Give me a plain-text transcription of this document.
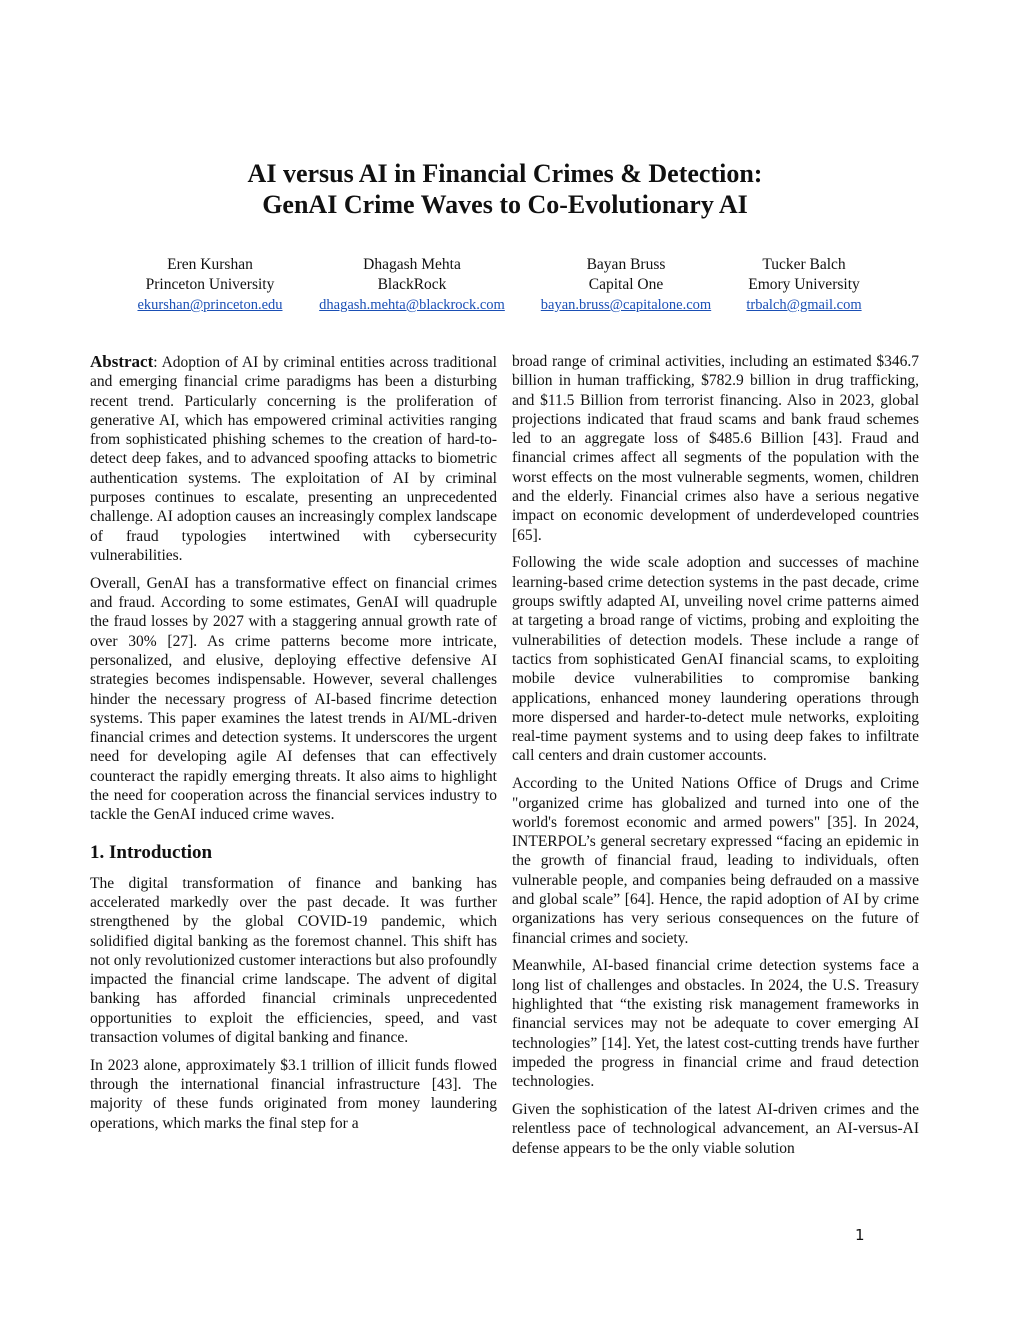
AI versus AI in Financial Crimes & Detection:
GenAI Crime Waves to Co-Evolutionary AI
Eren Kurshan
Princeton University
ekurshan@princeton.edu
Dhagash Mehta
BlackRock
dhagash.mehta@blackrock.com
Bayan Bruss
Capital One
bayan.bruss@capitalone.com
Tucker Balch
Emory University
trbalch@gmail.com

Abstract: Adoption of AI by criminal entities across traditional and emerging financial crime paradigms has been a disturbing recent trend. Particularly concerning is the proliferation of generative AI, which has empowered criminal activities ranging from sophisticated phishing schemes to the creation of hard-to-detect deep fakes, and to advanced spoofing attacks to biometric authentication systems. The exploitation of AI by criminal purposes continues to escalate, presenting an unprecedented challenge. AI adoption causes an increasingly complex landscape of fraud typologies intertwined with cybersecurity vulnerabilities.

Overall, GenAI has a transformative effect on financial crimes and fraud. According to some estimates, GenAI will quadruple the fraud losses by 2027 with a staggering annual growth rate of over 30% [27]. As crime patterns become more intricate, personalized, and elusive, deploying effective defensive AI strategies becomes indispensable. However, several challenges hinder the necessary progress of AI-based fincrime detection systems. This paper examines the latest trends in AI/ML-driven financial crimes and detection systems. It underscores the urgent need for developing agile AI defenses that can effectively counteract the rapidly emerging threats. It also aims to highlight the need for cooperation across the financial services industry to tackle the GenAI induced crime waves.

1. Introduction

The digital transformation of finance and banking has accelerated markedly over the past decade. It was further strengthened by the global COVID-19 pandemic, which solidified digital banking as the foremost channel. This shift has not only revolutionized customer interactions but also profoundly impacted the financial crime landscape. The advent of digital banking has afforded financial criminals unprecedented opportunities to exploit the efficiencies, speed, and vast transaction volumes of digital banking and finance.

In 2023 alone, approximately $3.1 trillion of illicit funds flowed through the international financial infrastructure [43]. The majority of these funds originated from money laundering operations, which marks the final step for a

broad range of criminal activities, including an estimated $346.7 billion in human trafficking, $782.9 billion in drug trafficking, and $11.5 Billion from terrorist financing. Also in 2023, global projections indicated that fraud scams and bank fraud schemes led to an aggregate loss of $485.6 Billion [43]. Fraud and financial crimes affect all segments of the population with the worst effects on the most vulnerable segments, women, children and the elderly. Financial crimes also have a serious negative impact on economic development of underdeveloped countries [65].

Following the wide scale adoption and successes of machine learning-based crime detection systems in the past decade, crime groups swiftly adapted AI, unveiling novel crime patterns aimed at targeting a broad range of victims, probing and exploiting the vulnerabilities of detection models. These include a range of tactics from sophisticated GenAI financial scams, to exploiting mobile device vulnerabilities to compromise banking applications, enhanced money laundering operations through more dispersed and harder-to-detect mule networks, exploiting real-time payment systems and to using deep fakes to infiltrate call centers and drain customer accounts.

According to the United Nations Office of Drugs and Crime "organized crime has globalized and turned into one of the world's foremost economic and armed powers" [35]. In 2024, INTERPOL’s general secretary expressed “facing an epidemic in the growth of financial fraud, leading to individuals, often vulnerable people, and companies being defrauded on a massive and global scale” [64]. Hence, the rapid adoption of AI by crime organizations has very serious consequences on the future of financial crimes and society.

Meanwhile, AI-based financial crime detection systems face a long list of challenges and obstacles. In 2024, the U.S. Treasury highlighted that “the existing risk management frameworks in financial services may not be adequate to cover emerging AI technologies” [14]. Yet, the latest cost-cutting trends have further impeded the progress in financial crime and fraud detection technologies.

Given the sophistication of the latest AI-driven crimes and the relentless pace of technological advancement, an AI-versus-AI defense appears to be the only viable solution

1
